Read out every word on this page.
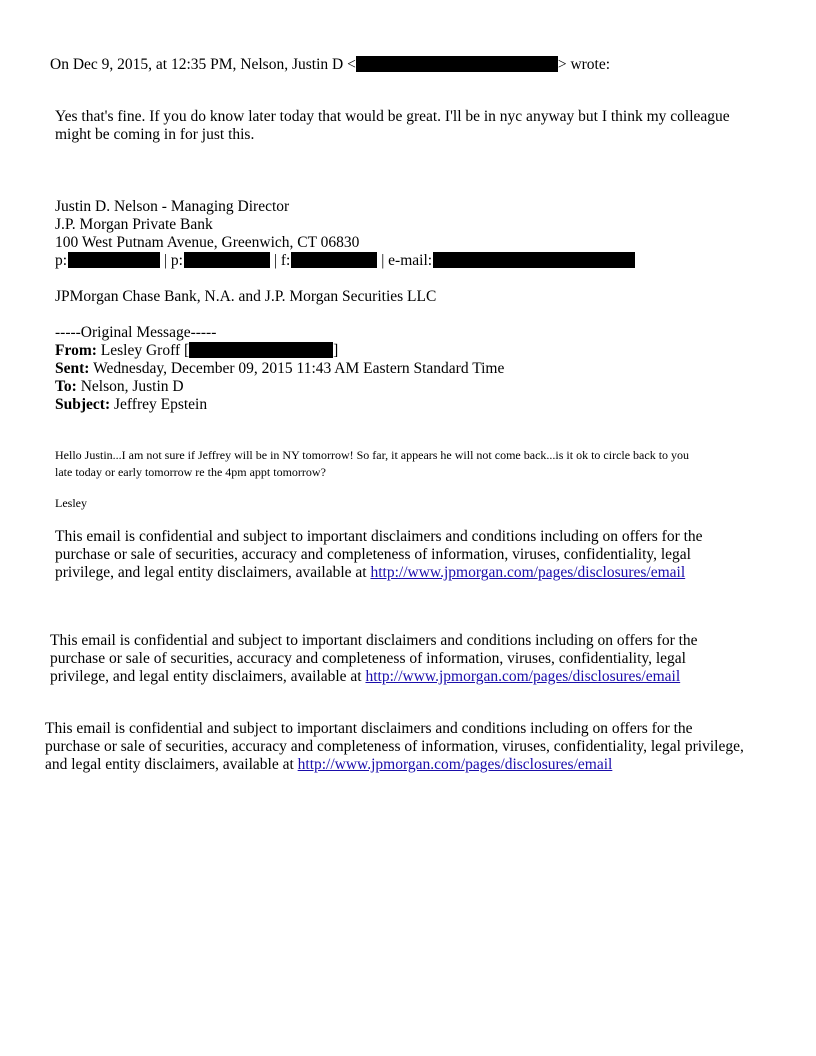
On Dec 9, 2015, at 12:35 PM, Nelson, Justin D <	> wrote:
Yes that's fine. If you do know later today that would be great. I'll be in nyc anyway but I think my colleague
might be coming in for just this.
Justin D. Nelson - Managing Director
J.P. Morgan Private Bank
100 West Putnam Avenue, Greenwich, CT 06830
p:	| p:	| f:	| e-mail:
JPMorgan Chase Bank, N.A. and J.P. Morgan Securities LLC
-----Original Message-----
From: Lesley Groff [	]
Sent: Wednesday, December 09, 2015 11:43 AM Eastern Standard Time
To: Nelson, Justin D
Subject: Jeffrey Epstein
Hello Justin...I am not sure if Jeffrey will be in NY tomorrow! So far, it appears he will not come back...is it ok to circle back to you
late today or early tomorrow re the 4pm appt tomorrow?
Lesley
This email is confidential and subject to important disclaimers and conditions including on offers for the
purchase or sale of securities, accuracy and completeness of information, viruses, confidentiality, legal
privilege, and legal entity disclaimers, available at http://www.jpmorgan.com/pages/disclosures/email
This email is confidential and subject to important disclaimers and conditions including on offers for the
purchase or sale of securities, accuracy and completeness of information, viruses, confidentiality, legal
privilege, and legal entity disclaimers, available at http://www.jpmorgan.com/pages/disclosures/email
This email is confidential and subject to important disclaimers and conditions including on offers for the
purchase or sale of securities, accuracy and completeness of information, viruses, confidentiality, legal privilege,
and legal entity disclaimers, available at http://www.jpmorgan.com/pages/disclosures/email
